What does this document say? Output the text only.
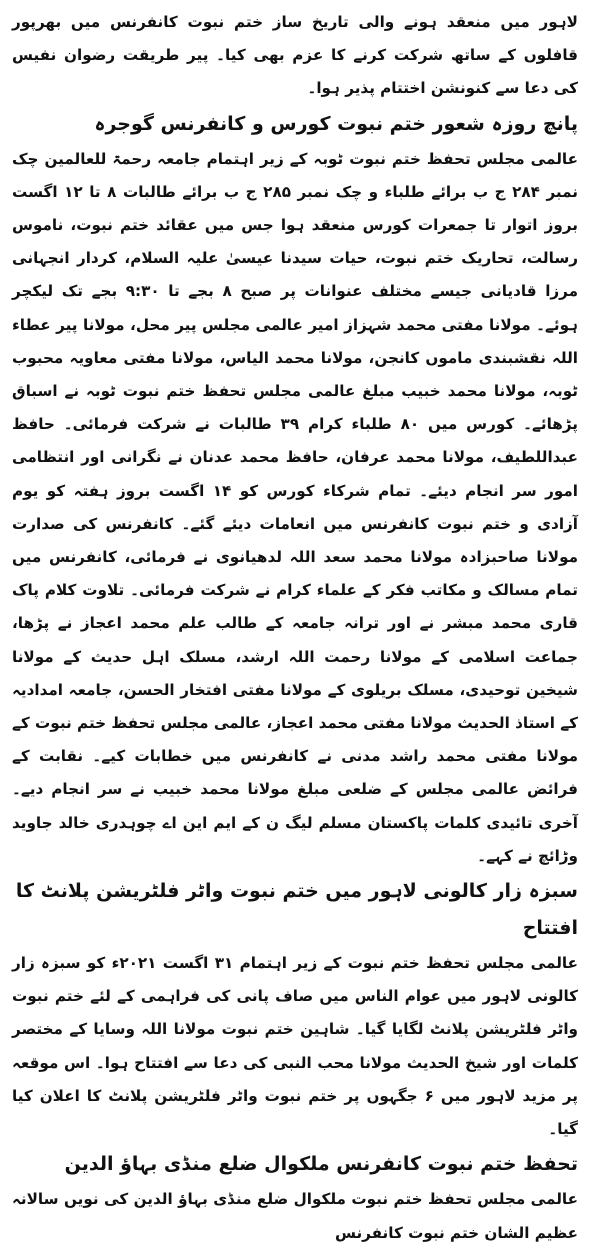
لاہور میں منعقد ہونے والی تاریخ ساز ختم نبوت کانفرنس میں بھرپور قافلوں کے ساتھ شرکت کرنے کا عزم بھی کیا۔ پیر طریقت رضوان نفیس کی دعا سے کنونشن اختتام پذیر ہوا۔

پانچ روزہ شعور ختم نبوت کورس و کانفرنس گوجرہ

عالمی مجلس تحفظ ختم نبوت ٹوبہ کے زیر اہتمام جامعہ رحمۃ للعالمین چک نمبر ۲۸۴ ج ب برائے طلباء و چک نمبر ۲۸۵ ج ب برائے طالبات ۸ تا ۱۲ اگست بروز اتوار تا جمعرات کورس منعقد ہوا جس میں عقائد ختم نبوت، ناموس رسالت، تحاریک ختم نبوت، حیات سیدنا عیسیٰ علیہ السلام، کردار انجہانی مرزا قادیانی جیسے مختلف عنوانات پر صبح ۸ بجے تا ۹:۳۰ بجے تک لیکچر ہوئے۔ مولانا مفتی محمد شہزاز امیر عالمی مجلس پیر محل، مولانا پیر عطاء اللہ نقشبندی ماموں کانجن، مولانا محمد الیاس، مولانا مفتی معاویہ محبوب ٹوبہ، مولانا محمد خبیب مبلغ عالمی مجلس تحفظ ختم نبوت ٹوبہ نے اسباق پڑھائے۔ کورس میں ۸۰ طلباء کرام ۳۹ طالبات نے شرکت فرمائی۔ حافظ عبداللطیف، مولانا محمد عرفان، حافظ محمد عدنان نے نگرانی اور انتظامی امور سر انجام دیئے۔ تمام شرکاء کورس کو ۱۴ اگست بروز ہفتہ کو یوم آزادی و ختم نبوت کانفرنس میں انعامات دیئے گئے۔ کانفرنس کی صدارت مولانا صاحبزادہ مولانا محمد سعد اللہ لدھیانوی نے فرمائی، کانفرنس میں تمام مسالک و مکاتب فکر کے علماء کرام نے شرکت فرمائی۔ تلاوت کلام پاک قاری محمد مبشر نے اور ترانہ جامعہ کے طالب علم محمد اعجاز نے پڑھا، جماعت اسلامی کے مولانا رحمت اللہ ارشد، مسلک اہل حدیث کے مولانا شیخین توحیدی، مسلک بریلوی کے مولانا مفتی افتخار الحسن، جامعہ امدادیہ کے استاذ الحدیث مولانا مفتی محمد اعجاز، عالمی مجلس تحفظ ختم نبوت کے مولانا مفتی محمد راشد مدنی نے کانفرنس میں خطابات کیے۔ نقابت کے فرائض عالمی مجلس کے ضلعی مبلغ مولانا محمد خبیب نے سر انجام دیے۔ آخری تائیدی کلمات پاکستان مسلم لیگ ن کے ایم این اے چوہدری خالد جاوید وڑائچ نے کہے۔

سبزہ زار کالونی لاہور میں ختم نبوت واٹر فلٹریشن پلانٹ کا افتتاح

عالمی مجلس تحفظ ختم نبوت کے زیر اہتمام ۳۱ اگست ۲۰۲۱ء کو سبزہ زار کالونی لاہور میں عوام الناس میں صاف پانی کی فراہمی کے لئے ختم نبوت واٹر فلٹریشن پلانٹ لگایا گیا۔ شاہین ختم نبوت مولانا اللہ وسایا کے مختصر کلمات اور شیخ الحدیث مولانا محب النبی کی دعا سے افتتاح ہوا۔ اس موقعہ پر مزید لاہور میں ۶ جگہوں پر ختم نبوت واٹر فلٹریشن پلانٹ کا اعلان کیا گیا۔

تحفظ ختم نبوت کانفرنس ملکوال ضلع منڈی بہاؤ الدین

عالمی مجلس تحفظ ختم نبوت ملکوال ضلع منڈی بہاؤ الدین کی نویں سالانہ عظیم الشان ختم نبوت کانفرنس
